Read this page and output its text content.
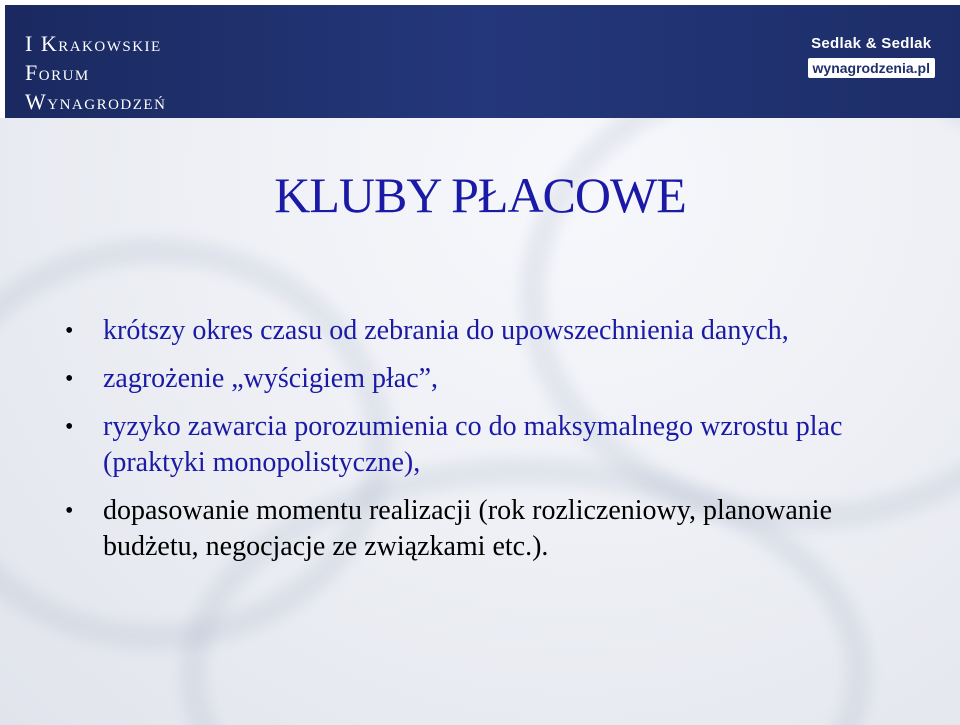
I Krakowskie
Forum
Wynagrodzeń
Sedlak & Sedlak
wynagrodzenia.pl
KLUBY PŁACOWE
• krótszy okres czasu od zebrania do upowszechnienia danych,
• zagrożenie „wyścigiem płac”,
• ryzyko zawarcia porozumienia co do maksymalnego wzrostu plac (praktyki monopolistyczne),
• dopasowanie momentu realizacji (rok rozliczeniowy, planowanie budżetu, negocjacje ze związkami etc.).
